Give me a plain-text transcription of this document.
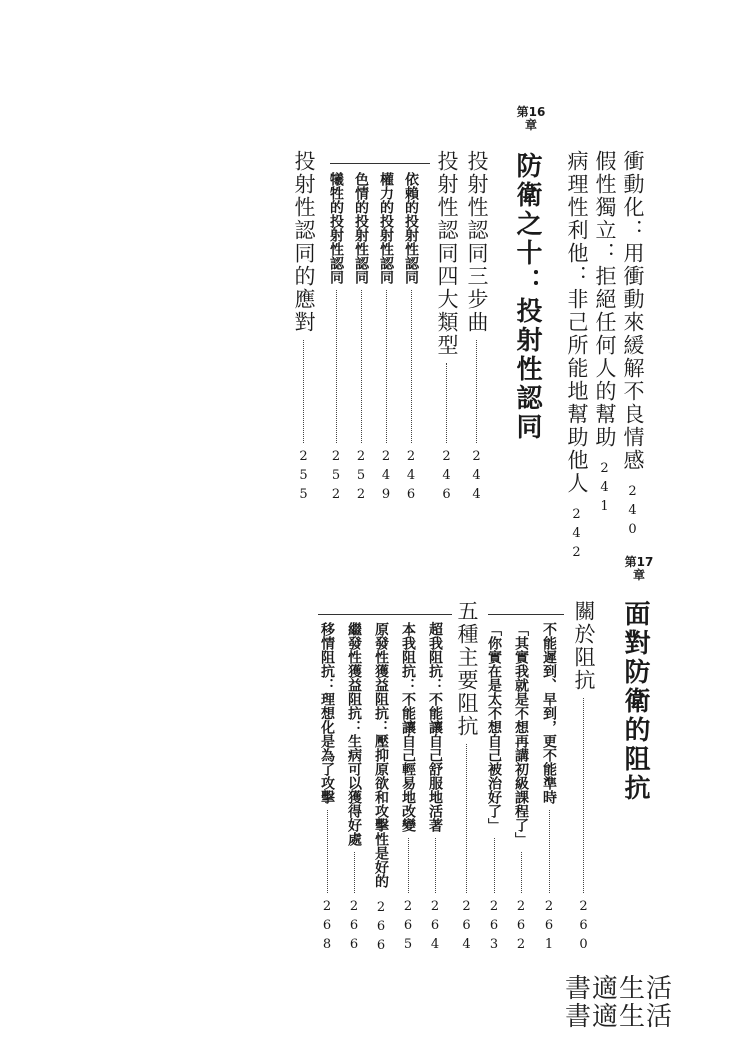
衝動化：用衝動來緩解不良情感
240
假性獨立：拒絕任何人的幫助
241
病理性利他：非己所能地幫助他人
242
第16章
防衛之十：投射性認同
投射性認同三步曲
244
投射性認同四大類型
246
依賴的投射性認同
246
權力的投射性認同
249
色情的投射性認同
252
犧牲的投射性認同
252
投射性認同的應對
255
第17章
面對防衛的阻抗
關於阻抗
260
不能遲到、早到，更不能準時
261
「其實我就是不想再講初級課程了」
262
「你實在是太不想自己被治好了」
263
五種主要阻抗
264
超我阻抗：不能讓自己舒服地活著
264
本我阻抗：不能讓自己輕易地改變
265
原發性獲益阻抗：壓抑原欲和攻擊性是好的
266
繼發性獲益阻抗：生病可以獲得好處
266
移情阻抗：理想化是為了攻擊
268
書適生活
書適生活
